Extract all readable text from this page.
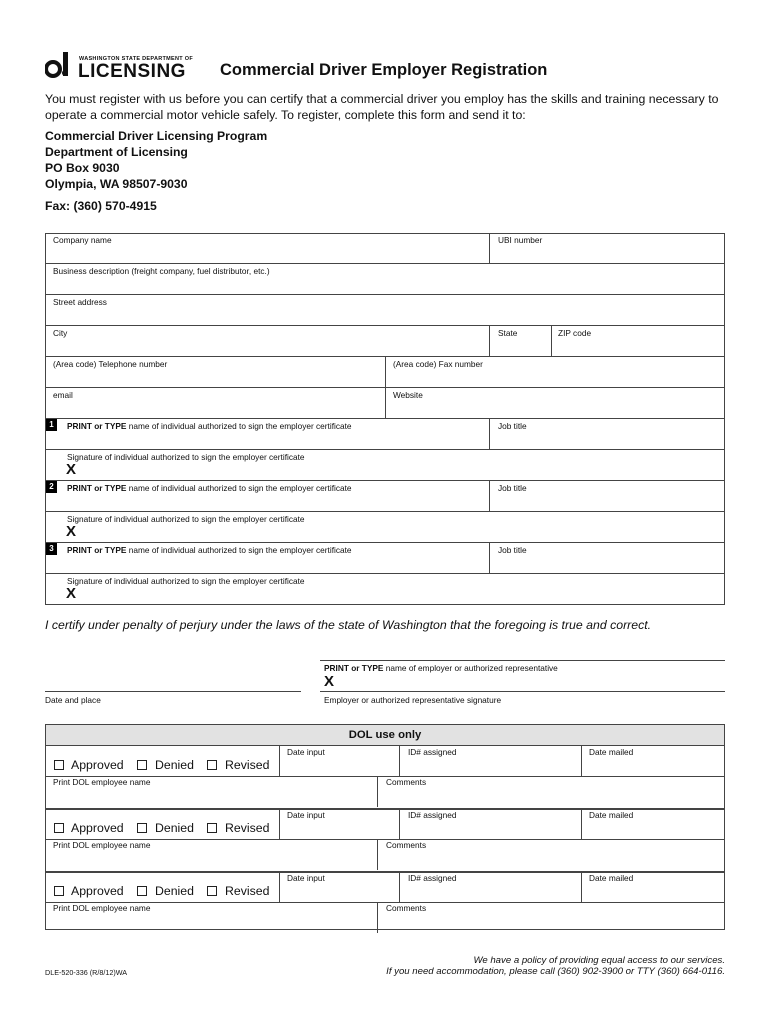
WASHINGTON STATE DEPARTMENT OF
LICENSING Commercial Driver Employer Registration
You must register with us before you can certify that a commercial driver you employ has the skills and training necessary to operate a commercial motor vehicle safely. To register, complete this form and send it to:
Commercial Driver Licensing Program
Department of Licensing
PO Box 9030
Olympia, WA 98507-9030
Fax: (360) 570-4915
Company name	UBI number
Business description (freight company, fuel distributor, etc.)
Street address
City	State	ZIP code
(Area code) Telephone number	(Area code) Fax number
email	Website
1	PRINT or TYPE name of individual authorized to sign the employer certificate	Job title
Signature of individual authorized to sign the employer certificate
X
2	PRINT or TYPE name of individual authorized to sign the employer certificate	Job title
Signature of individual authorized to sign the employer certificate
X
3	PRINT or TYPE name of individual authorized to sign the employer certificate	Job title
Signature of individual authorized to sign the employer certificate
X
I certify under penalty of perjury under the laws of the state of Washington that the foregoing is true and correct.
PRINT or TYPE name of employer or authorized representative
X
Employer or authorized representative signature
Date and place
DOL use only
Approved	Denied	Revised
Date input	ID# assigned	Date mailed
Print DOL employee name	Comments
Approved	Denied	Revised
Date input	ID# assigned	Date mailed
Print DOL employee name	Comments
Approved	Denied	Revised
Date input	ID# assigned	Date mailed
Print DOL employee name	Comments
DLE-520-336 (R/8/12)WA
We have a policy of providing equal access to our services.
If you need accommodation, please call (360) 902-3900 or TTY (360) 664-0116.
